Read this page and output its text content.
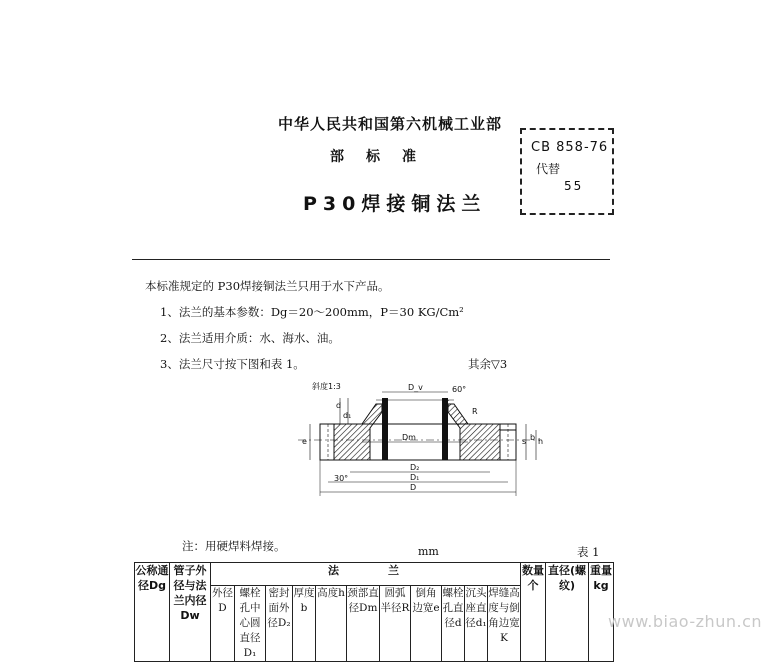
中华人民共和国第六机械工业部
部标准
P30焊接铜法兰
CB 858-76
代替
55
本标准规定的 P30焊接铜法兰只用于水下产品。
1、法兰的基本参数：Dg＝20～200mm，P＝30 KG/Cm²
2、法兰适用介质：水、海水、油。
3、法兰尺寸按下图和表 1。	其余▽3
斜度1:3
d
d₁
D_v
Dm
60°
K
R
e	s b h
30°
D₂
D₁
D
注：用硬焊料焊接。	mm	表 1
公称通径Dg	管子外径与法兰内径Dw	法　　　兰											数量个	直径(螺纹)	重量kg
		外径D	螺栓孔中心圆直径D₁	密封面外径D₂	厚度b	高度h	颈部直径Dm	圆弧半径R	倒角边宽e	螺栓孔直径d	沉头座直径d₁	焊缝高度与倒角边宽K			
www.biao-zhun.cn
